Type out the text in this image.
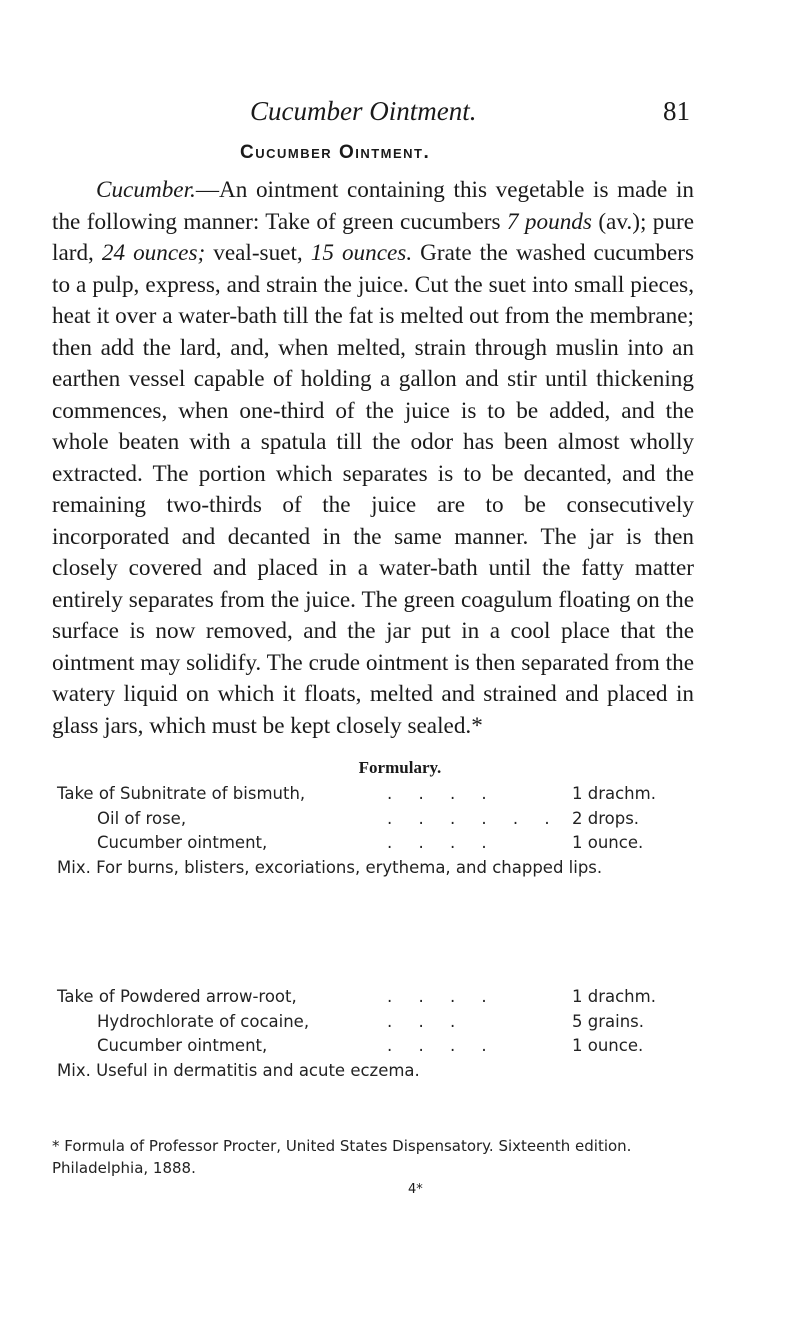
Cucumber Ointment.	81
Cucumber Ointment.

Cucumber.—An ointment containing this vegetable is made in the following manner: Take of green cucumbers 7 pounds (av.); pure lard, 24 ounces; veal-suet, 15 ounces. Grate the washed cucumbers to a pulp, express, and strain the juice. Cut the suet into small pieces, heat it over a water-bath till the fat is melted out from the membrane; then add the lard, and, when melted, strain through muslin into an earthen vessel capable of holding a gallon and stir until thickening commences, when one-third of the juice is to be added, and the whole beaten with a spatula till the odor has been almost wholly extracted. The portion which separates is to be decanted, and the remaining two-thirds of the juice are to be consecutively incorporated and decanted in the same manner. The jar is then closely covered and placed in a water-bath until the fatty matter entirely separates from the juice. The green coagulum floating on the surface is now removed, and the jar put in a cool place that the ointment may solidify. The crude ointment is then separated from the watery liquid on which it floats, melted and strained and placed in glass jars, which must be kept closely sealed.*

Formulary.
Take of Subnitrate of bismuth,	.     .     .     .	1 drachm.
Oil of rose,	.     .     .     .     .     .	2 drops.
Cucumber ointment,	.     .     .     .	1 ounce.
Mix. For burns, blisters, excoriations, erythema, and chapped lips.
Take of Powdered arrow-root,	.     .     .     .	1 drachm.
Hydrochlorate of cocaine,	.     .     .	5 grains.
Cucumber ointment,	.     .     .     .	1 ounce.
Mix. Useful in dermatitis and acute eczema.
* Formula of Professor Procter, United States Dispensatory. Sixteenth edition. Philadelphia, 1888.
4*
